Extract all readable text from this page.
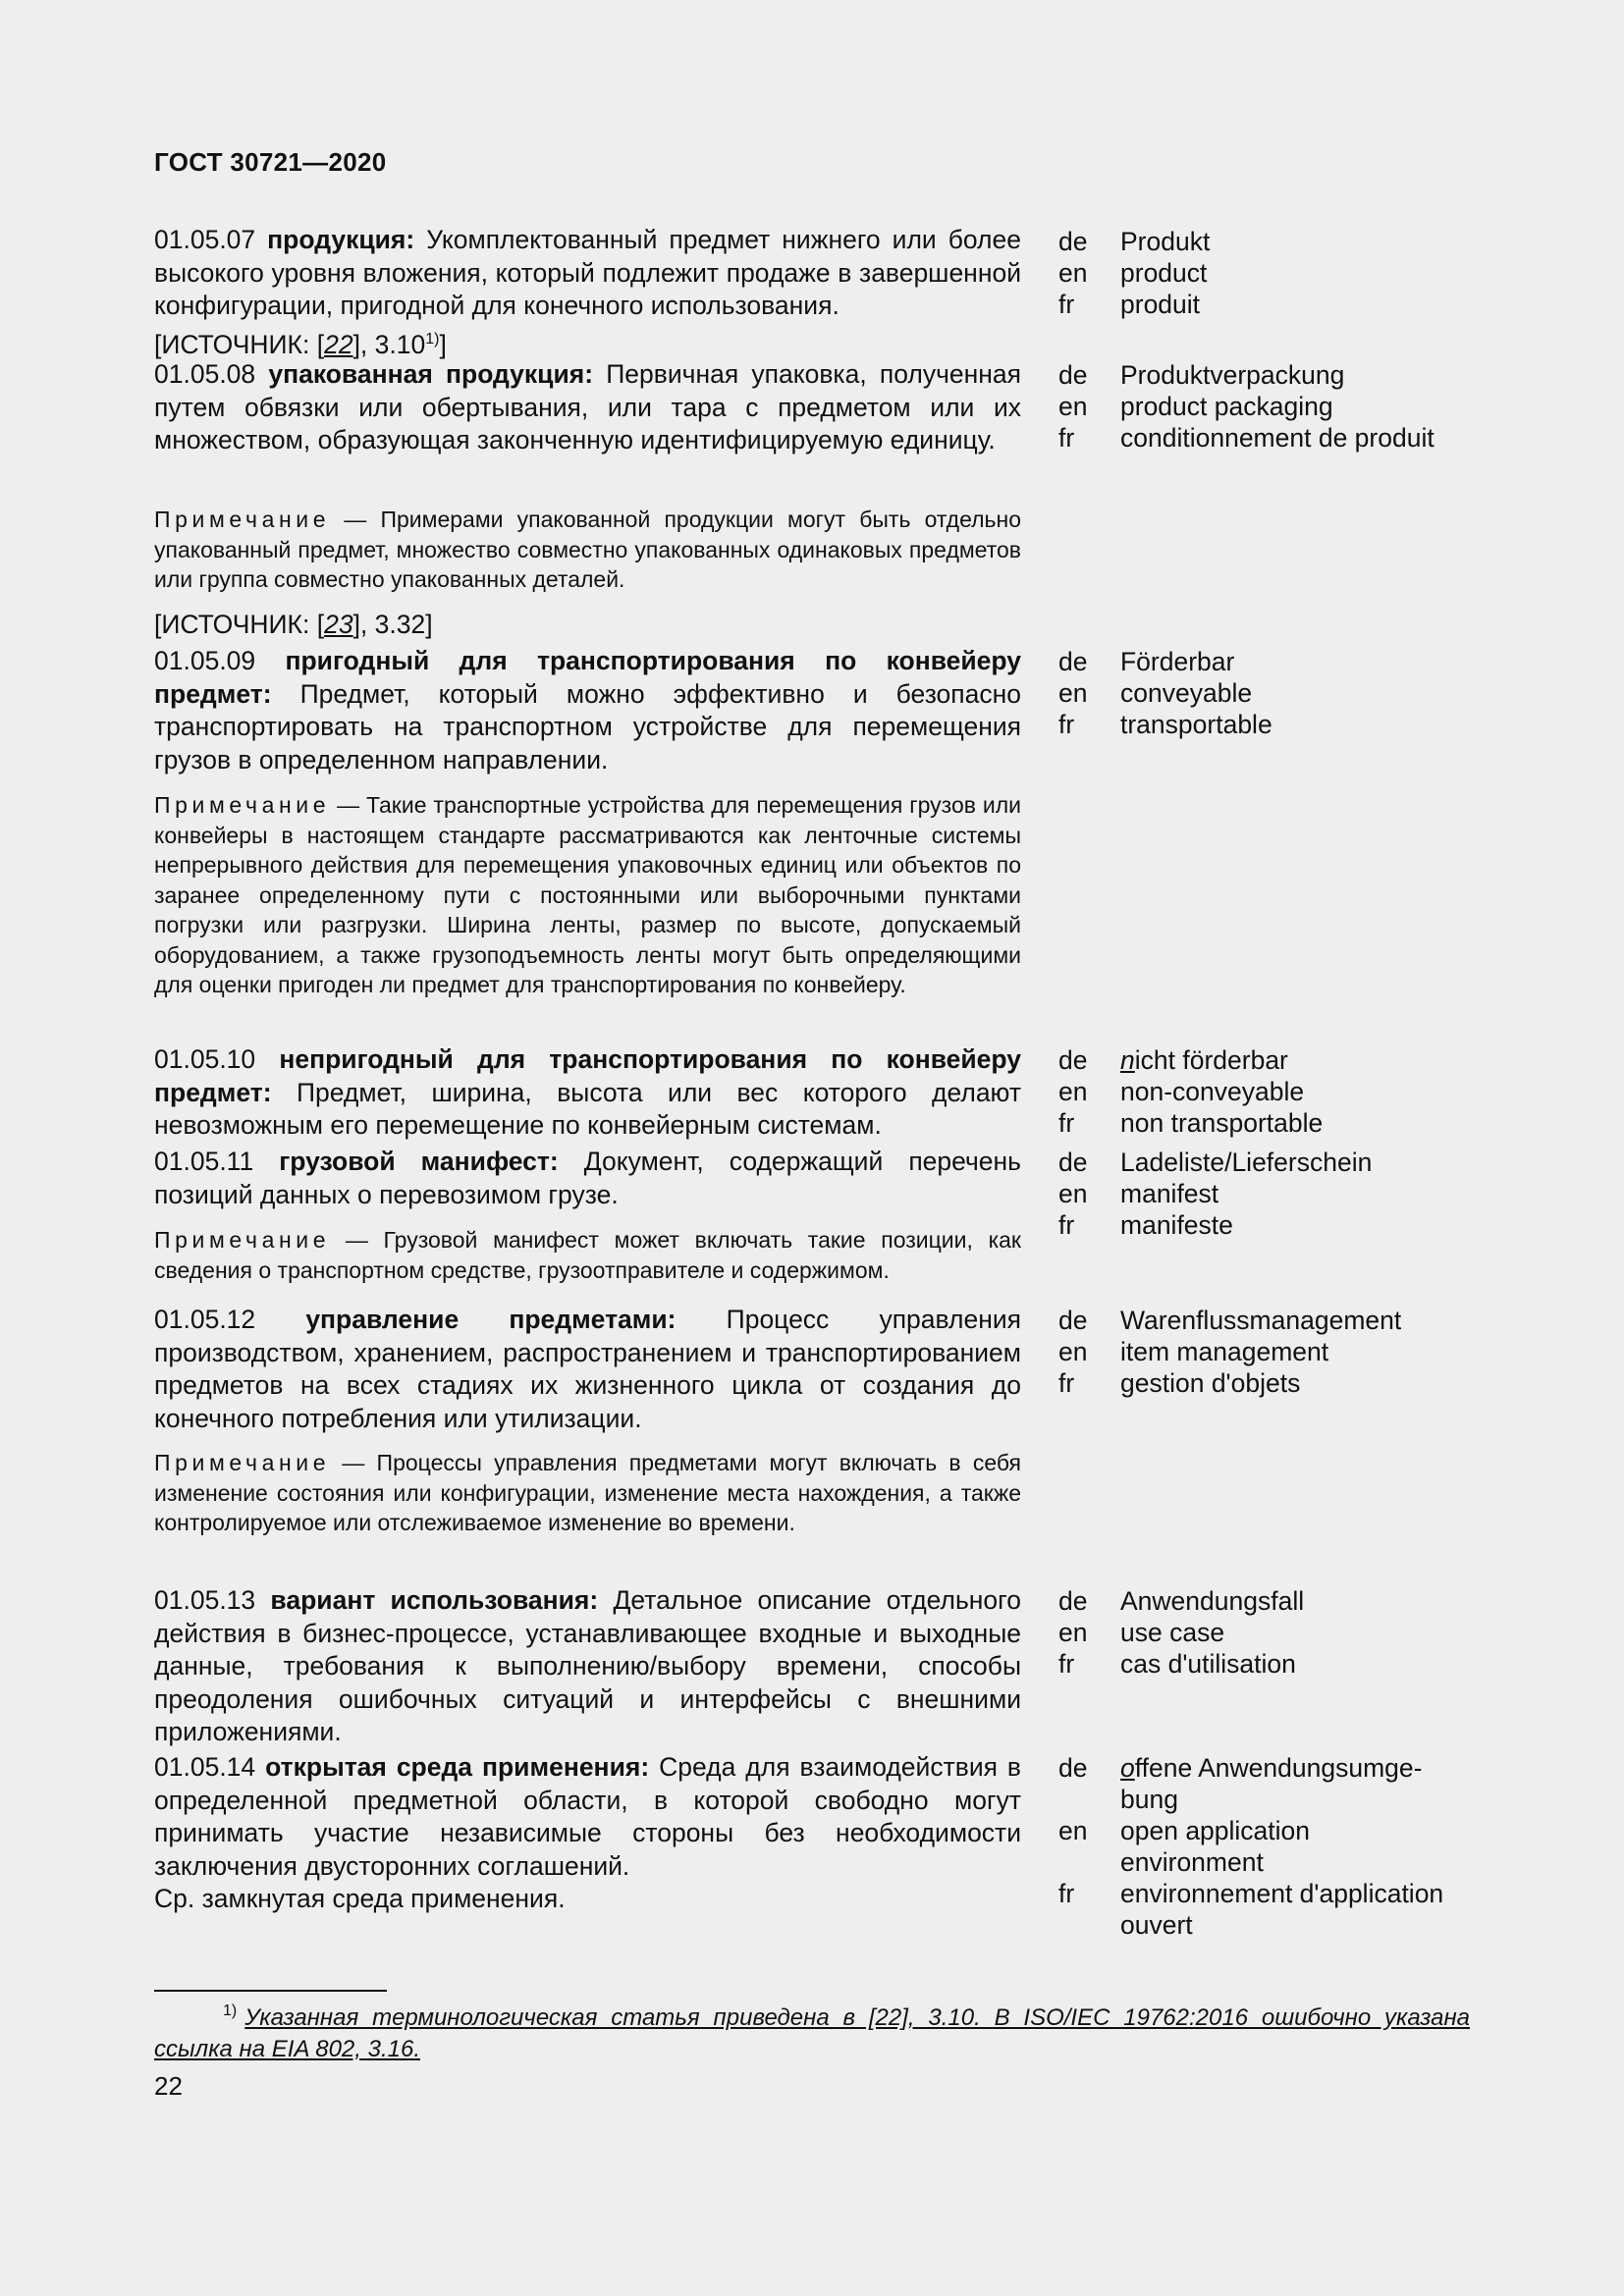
ГОСТ 30721—2020
01.05.07 продукция: Укомплектованный предмет нижнего или более высокого уровня вложения, который подлежит продаже в завершенной конфигурации, пригодной для конечного использования.
[ИСТОЧНИК: [22], 3.10$^{1)}$]
de	Produkt
en	product
fr	produit
01.05.08 упакованная продукция: Первичная упаковка, полученная путем обвязки или обертывания, или тара с предметом или их множеством, образующая законченную идентифицируемую единицу.
Примечание — Примерами упакованной продукции могут быть отдельно упакованный предмет, множество совместно упакованных одинаковых предметов или группа совместно упакованных деталей.
[ИСТОЧНИК: [23], 3.32]
de	Produktverpackung
en	product packaging
fr	conditionnement de produit
01.05.09 пригодный для транспортирования по конвейеру предмет: Предмет, который можно эффективно и безопасно транспортировать на транспортном устройстве для перемещения грузов в определенном направлении.
Примечание — Такие транспортные устройства для перемещения грузов или конвейеры в настоящем стандарте рассматриваются как ленточные системы непрерывного действия для перемещения упаковочных единиц или объектов по заранее определенному пути с постоянными или выборочными пунктами погрузки или разгрузки. Ширина ленты, размер по высоте, допускаемый оборудованием, а также грузоподъемность ленты могут быть определяющими для оценки пригоден ли предмет для транспортирования по конвейеру.
de	Förderbar
en	conveyable
fr	transportable
01.05.10 непригодный для транспортирования по конвейеру предмет: Предмет, ширина, высота или вес которого делают невозможным его перемещение по конвейерным системам.
de	nicht förderbar
en	non-conveyable
fr	non transportable
01.05.11 грузовой манифест: Документ, содержащий перечень позиций данных о перевозимом грузе.
Примечание — Грузовой манифест может включать такие позиции, как сведения о транспортном средстве, грузоотправителе и содержимом.
de	Ladeliste/Lieferschein
en	manifest
fr	manifeste
01.05.12 управление предметами: Процесс управления производством, хранением, распространением и транспортированием предметов на всех стадиях их жизненного цикла от создания до конечного потребления или утилизации.
Примечание — Процессы управления предметами могут включать в себя изменение состояния или конфигурации, изменение места нахождения, а также контролируемое или отслеживаемое изменение во времени.
de	Warenflussmanagement
en	item management
fr	gestion d'objets
01.05.13 вариант использования: Детальное описание отдельного действия в бизнес-процессе, устанавливающее входные и выходные данные, требования к выполнению/выбору времени, способы преодоления ошибочных ситуаций и интерфейсы с внешними приложениями.
de	Anwendungsfall
en	use case
fr	cas d'utilisation
01.05.14 открытая среда применения: Среда для взаимодействия в определенной предметной области, в которой свободно могут принимать участие независимые стороны без необходимости заключения двусторонних соглашений.
Ср. замкнутая среда применения.
de	offene Anwendungsumge-
bung
en	open application
environment
fr	environnement d'application
ouvert
1) Указанная терминологическая статья приведена в [22], 3.10. В ISO/IEC 19762:2016 ошибочно указана ссылка на EIA 802, 3.16.
22
